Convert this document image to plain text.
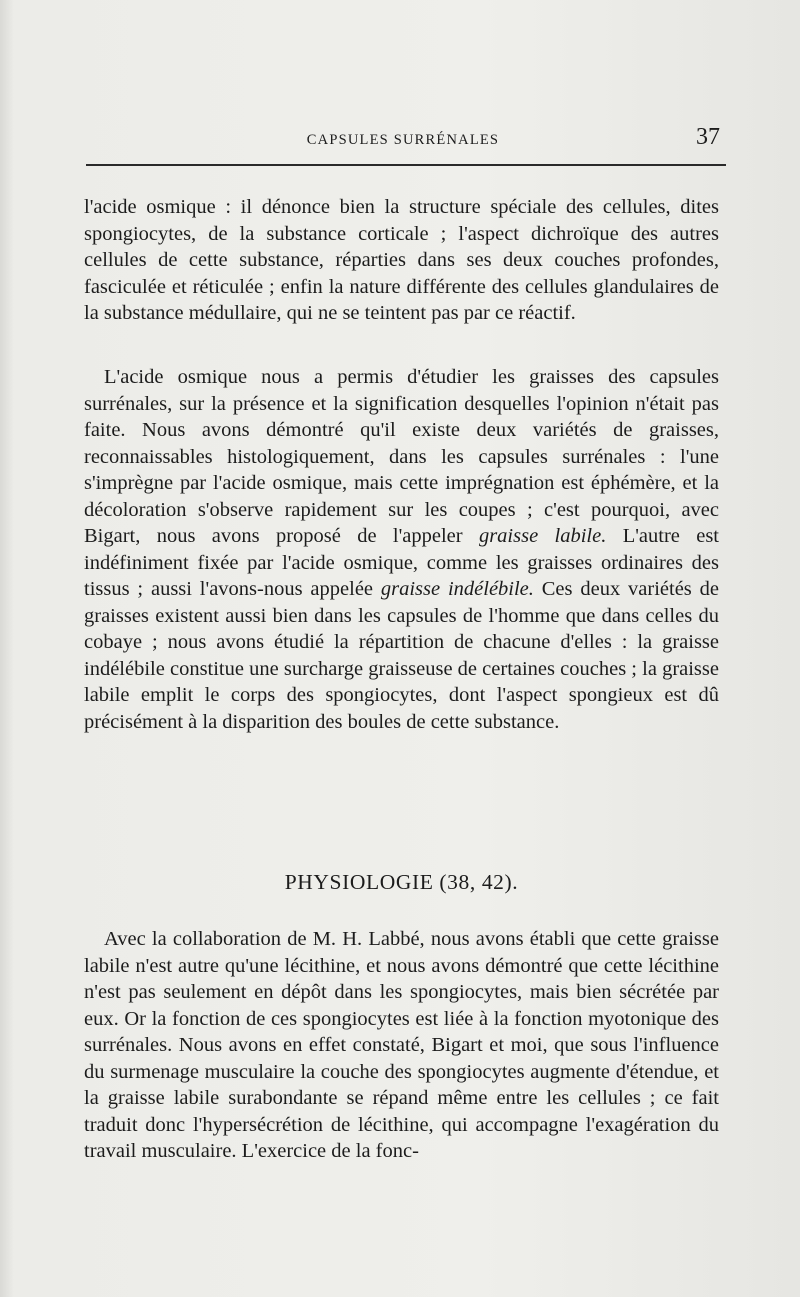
CAPSULES SURRÉNALES	37

l'acide osmique : il dénonce bien la structure spéciale des cellules, dites spongiocytes, de la substance corticale ; l'aspect dichroïque des autres cellules de cette substance, réparties dans ses deux couches profondes, fasciculée et réticulée ; enfin la nature différente des cellules glandulaires de la substance médullaire, qui ne se teintent pas par ce réactif.

L'acide osmique nous a permis d'étudier les graisses des capsules surrénales, sur la présence et la signification desquelles l'opinion n'était pas faite. Nous avons démontré qu'il existe deux variétés de graisses, reconnaissables histologiquement, dans les capsules surrénales : l'une s'imprègne par l'acide osmique, mais cette imprégnation est éphémère, et la décoloration s'observe rapidement sur les coupes ; c'est pourquoi, avec Bigart, nous avons proposé de l'appeler graisse labile. L'autre est indéfiniment fixée par l'acide osmique, comme les graisses ordinaires des tissus ; aussi l'avons-nous appelée graisse indélébile. Ces deux variétés de graisses existent aussi bien dans les capsules de l'homme que dans celles du cobaye ; nous avons étudié la répartition de chacune d'elles : la graisse indélébile constitue une surcharge graisseuse de certaines couches ; la graisse labile emplit le corps des spongiocytes, dont l'aspect spongieux est dû précisément à la disparition des boules de cette substance.

PHYSIOLOGIE (38, 42).

Avec la collaboration de M. H. Labbé, nous avons établi que cette graisse labile n'est autre qu'une lécithine, et nous avons démontré que cette lécithine n'est pas seulement en dépôt dans les spongiocytes, mais bien sécrétée par eux. Or la fonction de ces spongiocytes est liée à la fonction myotonique des surrénales. Nous avons en effet constaté, Bigart et moi, que sous l'influence du surmenage musculaire la couche des spongiocytes augmente d'étendue, et la graisse labile surabondante se répand même entre les cellules ; ce fait traduit donc l'hypersécrétion de lécithine, qui accompagne l'exagération du travail musculaire. L'exercice de la fonc-
